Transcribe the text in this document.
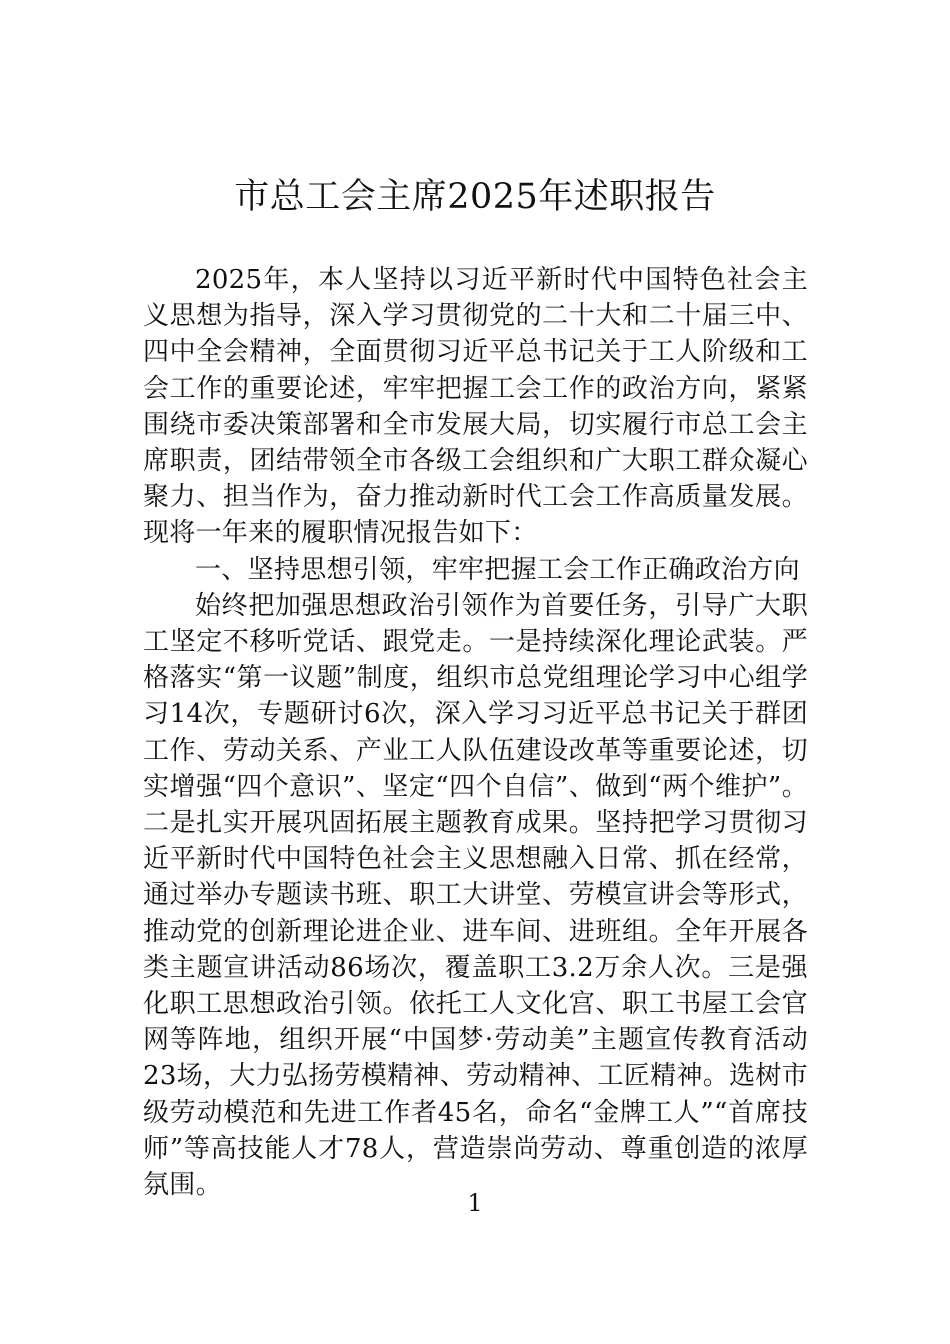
市总工会主席2025年述职报告

2025年，本人坚持以习近平新时代中国特色社会主义思想为指导，深入学习贯彻党的二十大和二十届三中、四中全会精神，全面贯彻习近平总书记关于工人阶级和工会工作的重要论述，牢牢把握工会工作的政治方向，紧紧围绕市委决策部署和全市发展大局，切实履行市总工会主席职责，团结带领全市各级工会组织和广大职工群众凝心聚力、担当作为，奋力推动新时代工会工作高质量发展。现将一年来的履职情况报告如下：

一、坚持思想引领，牢牢把握工会工作正确政治方向

始终把加强思想政治引领作为首要任务，引导广大职工坚定不移听党话、跟党走。一是持续深化理论武装。严格落实“第一议题”制度，组织市总党组理论学习中心组学习14次，专题研讨6次，深入学习习近平总书记关于群团工作、劳动关系、产业工人队伍建设改革等重要论述，切实增强“四个意识”、坚定“四个自信”、做到“两个维护”。二是扎实开展巩固拓展主题教育成果。坚持把学习贯彻习近平新时代中国特色社会主义思想融入日常、抓在经常，通过举办专题读书班、职工大讲堂、劳模宣讲会等形式，推动党的创新理论进企业、进车间、进班组。全年开展各类主题宣讲活动86场次，覆盖职工3.2万余人次。三是强化职工思想政治引领。依托工人文化宫、职工书屋工会官网等阵地，组织开展“中国梦·劳动美”主题宣传教育活动23场，大力弘扬劳模精神、劳动精神、工匠精神。选树市级劳动模范和先进工作者45名，命名“金牌工人”“首席技师”等高技能人才78人，营造崇尚劳动、尊重创造的浓厚氛围。

1
